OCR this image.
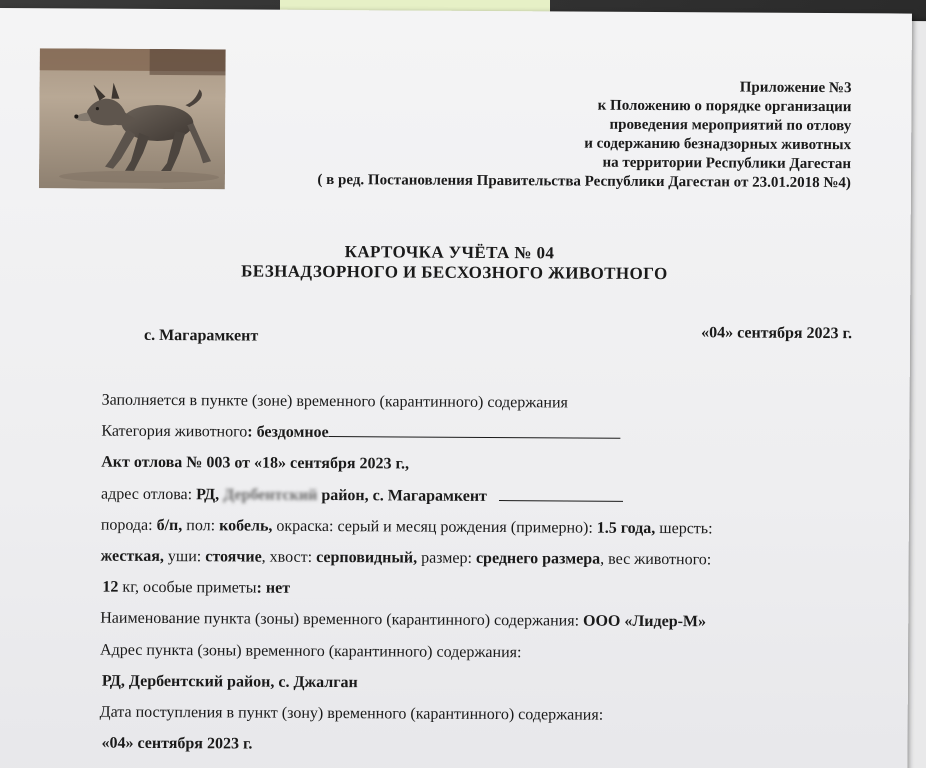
Приложение №3
к Положению о порядке организации
проведения мероприятий по отлову
и содержанию безнадзорных животных
на территории Республики Дагестан
( в ред. Постановления Правительства Республики Дагестан от 23.01.2018 №4)
КАРТОЧКА УЧЁТА № 04
БЕЗНАДЗОРНОГО И БЕСХОЗНОГО ЖИВОТНОГО
с. Магарамкент	«04» сентября 2023 г.
Заполняется в пункте (зоне) временного (карантинного) содержания
Категория животного: бездомное
Акт отлова № 003 от «18» сентября 2023 г.,
адрес отлова: РД, Дербентский район, с. Магарамкент
порода: б/п, пол: кобель, окраска: серый и месяц рождения (примерно): 1.5 года, шерсть:
жесткая, уши: стоячие, хвост: серповидный, размер: среднего размера, вес животного:
12 кг, особые приметы: нет
Наименование пункта (зоны) временного (карантинного) содержания: ООО «Лидер-М»
Адрес пункта (зоны) временного (карантинного) содержания:
РД, Дербентский район, с. Джалган
Дата поступления в пункт (зону) временного (карантинного) содержания:
«04» сентября 2023 г.
